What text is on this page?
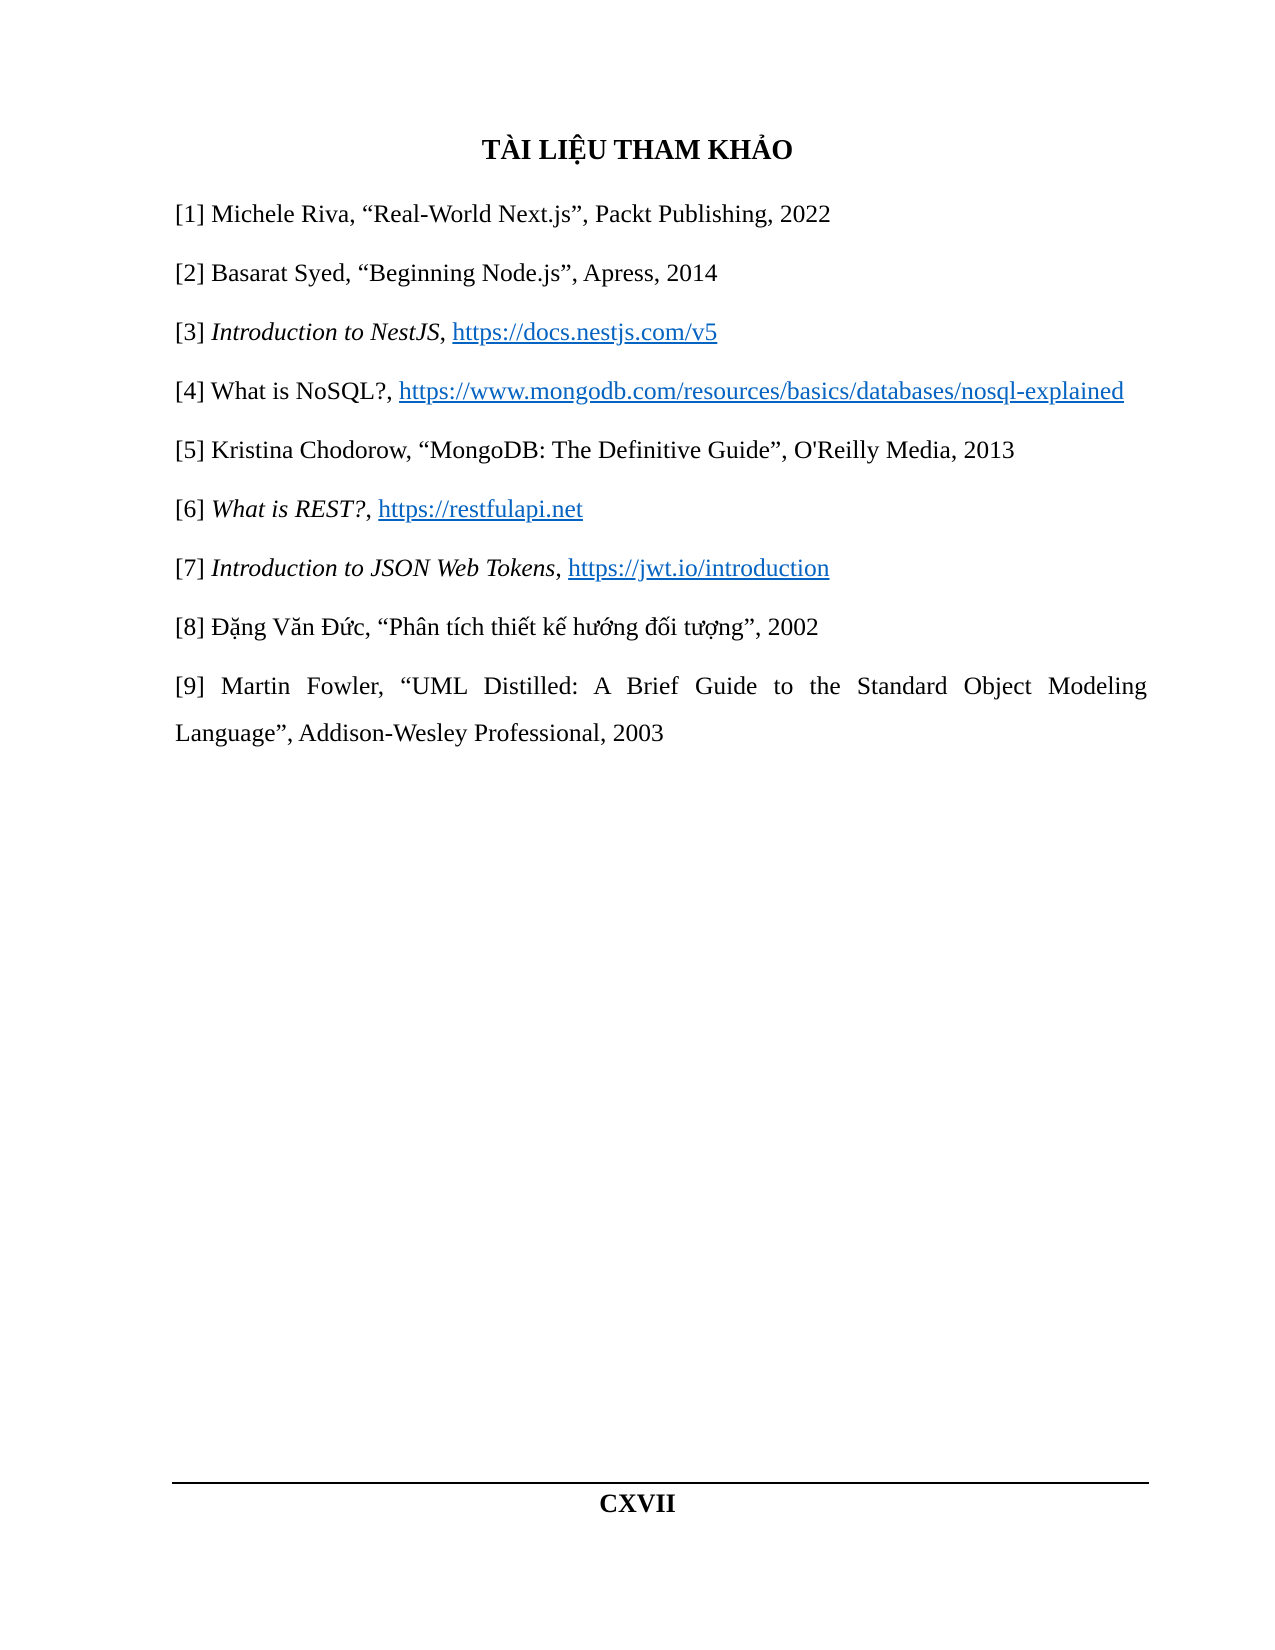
TÀI LIỆU THAM KHẢO

[1] Michele Riva, “Real-World Next.js”, Packt Publishing, 2022

[2] Basarat Syed, “Beginning Node.js”, Apress, 2014

[3] Introduction to NestJS, https://docs.nestjs.com/v5

[4] What is NoSQL?, https://www.mongodb.com/resources/basics/databases/nosql-explained

[5] Kristina Chodorow, “MongoDB: The Definitive Guide”, O'Reilly Media, 2013

[6] What is REST?, https://restfulapi.net

[7] Introduction to JSON Web Tokens, https://jwt.io/introduction

[8] Đặng Văn Đức, “Phân tích thiết kế hướng đối tượng”, 2002

[9] Martin Fowler, “UML Distilled: A Brief Guide to the Standard Object Modeling Language”, Addison-Wesley Professional, 2003

CXVII
